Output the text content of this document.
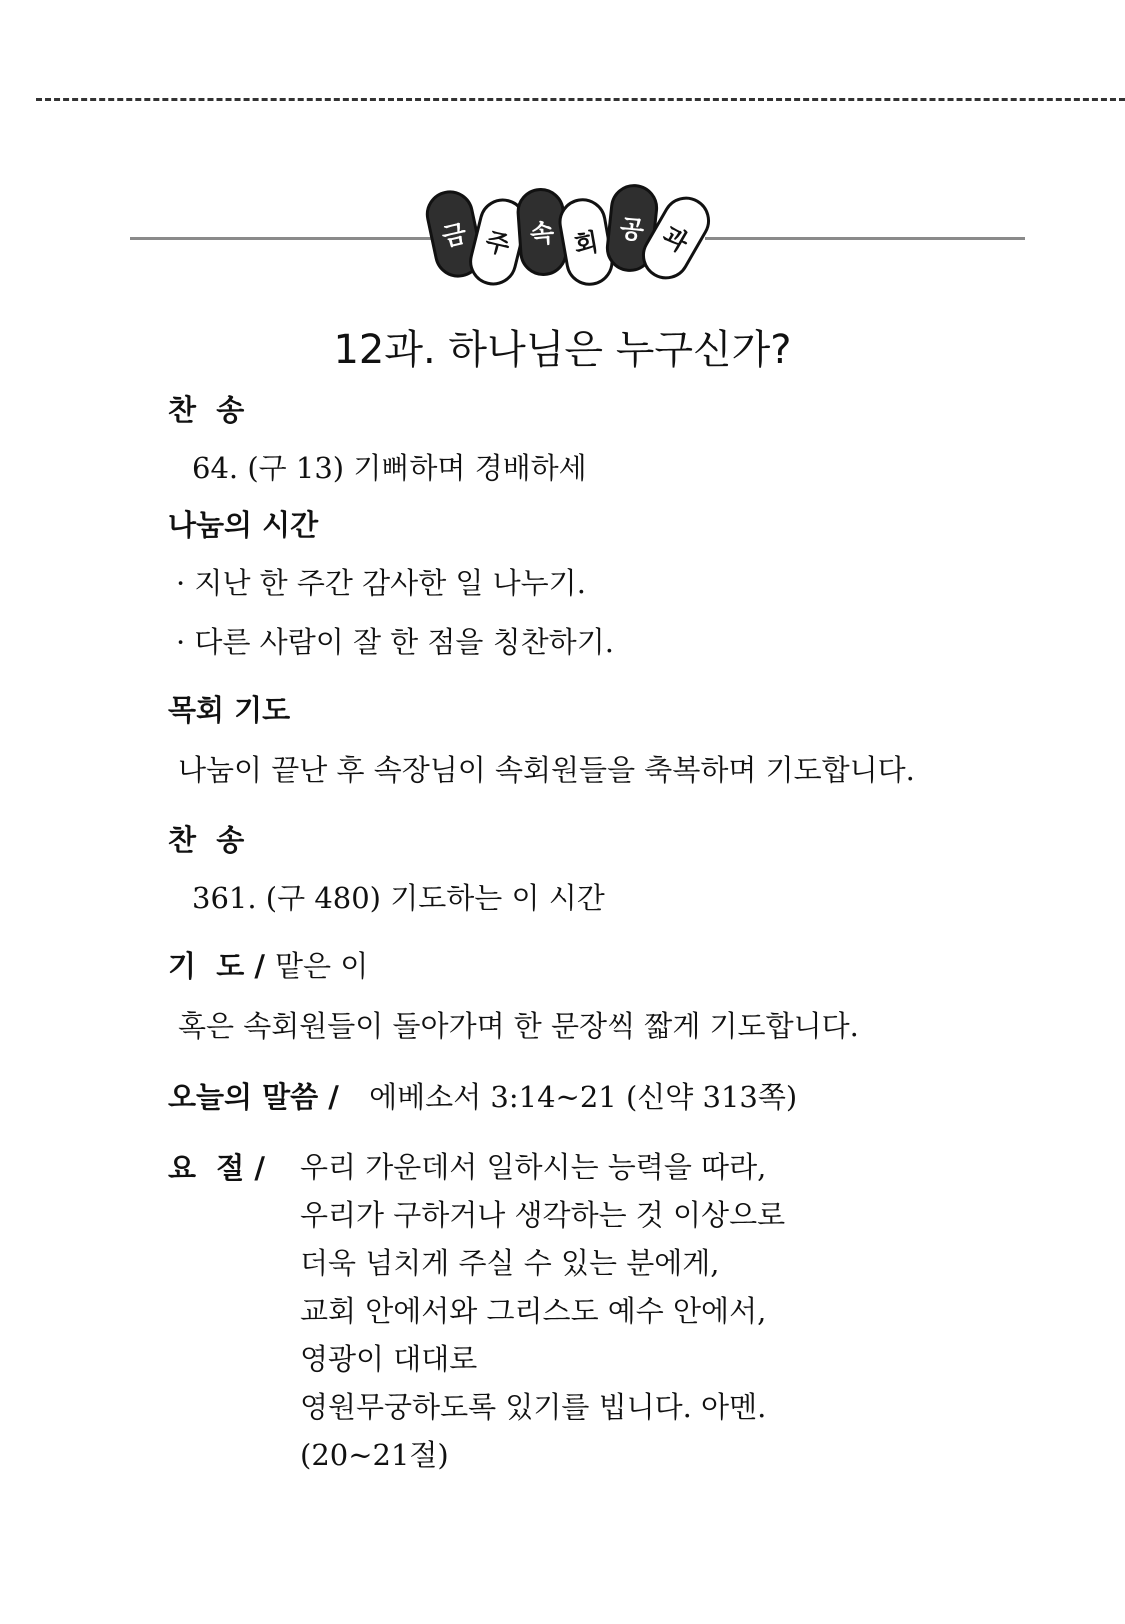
금 주 속 회 공 과
12과. 하나님은 누구신가?
찬  송
64. (구 13) 기뻐하며 경배하세
나눔의 시간
· 지난 한 주간 감사한 일 나누기.
· 다른 사람이 잘 한 점을 칭찬하기.
목회 기도
나눔이 끝난 후 속장님이 속회원들을 축복하며 기도합니다.
찬  송
361. (구 480) 기도하는 이 시간
기  도 / 맡은 이
혹은 속회원들이 돌아가며 한 문장씩 짧게 기도합니다.
오늘의 말씀 / 에베소서 3:14~21 (신약 313쪽)
요  절 / 우리 가운데서 일하시는 능력을 따라,
우리가 구하거나 생각하는 것 이상으로
더욱 넘치게 주실 수 있는 분에게,
교회 안에서와 그리스도 예수 안에서,
영광이 대대로
영원무궁하도록 있기를 빕니다. 아멘.
(20~21절)
